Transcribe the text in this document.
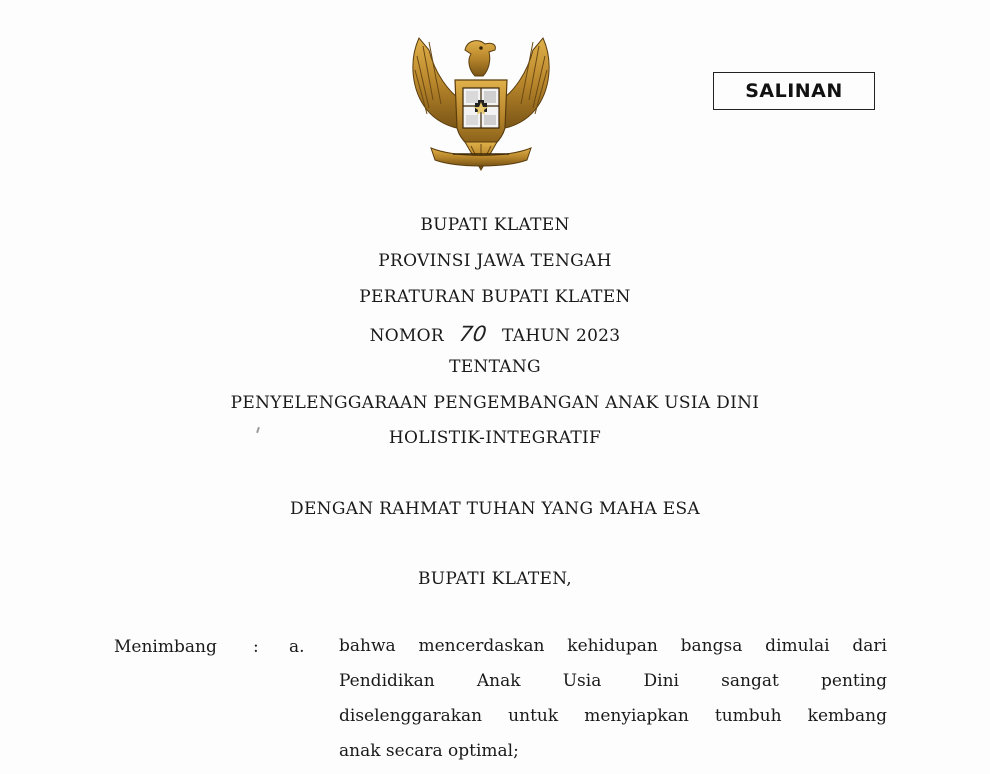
SALINAN
BUPATI KLATEN
PROVINSI JAWA TENGAH
PERATURAN BUPATI KLATEN
NOMOR 70 TAHUN 2023
TENTANG
PENYELENGGARAAN PENGEMBANGAN ANAK USIA DINI
HOLISTIK-INTEGRATIF
DENGAN RAHMAT TUHAN YANG MAHA ESA
BUPATI KLATEN,
Menimbang : a. bahwa mencerdaskan kehidupan bangsa dimulai dari
Pendidikan Anak Usia Dini sangat penting
diselenggarakan untuk menyiapkan tumbuh kembang
anak secara optimal;
